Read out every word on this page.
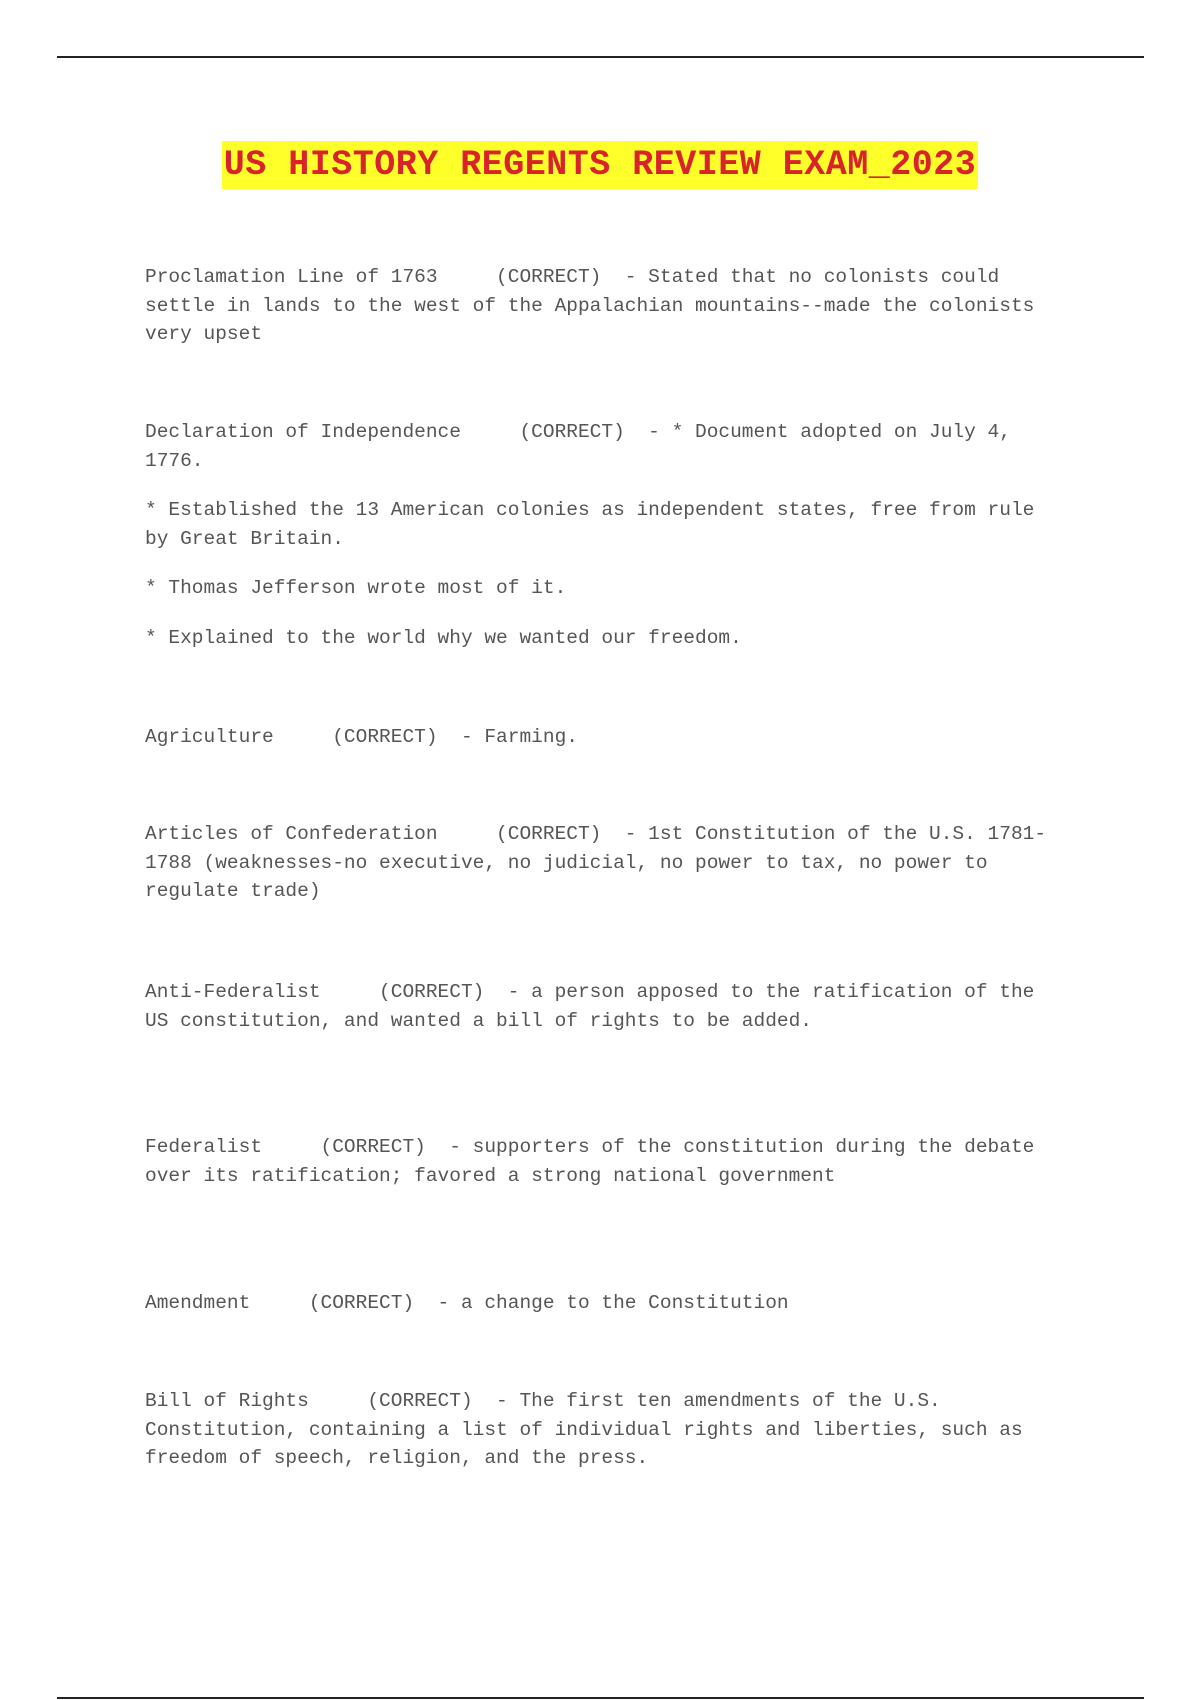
US HISTORY REGENTS REVIEW EXAM_2023

Proclamation Line of 1763     (CORRECT)  - Stated that no colonists could settle in lands to the west of the Appalachian mountains--made the colonists very upset

Declaration of Independence     (CORRECT)  - * Document adopted on July 4, 1776.

* Established the 13 American colonies as independent states, free from rule by Great Britain.

* Thomas Jefferson wrote most of it.

* Explained to the world why we wanted our freedom.

Agriculture     (CORRECT)  - Farming.

Articles of Confederation     (CORRECT)  - 1st Constitution of the U.S. 1781-1788 (weaknesses-no executive, no judicial, no power to tax, no power to regulate trade)

Anti-Federalist     (CORRECT)  - a person apposed to the ratification of the US constitution, and wanted a bill of rights to be added.

Federalist     (CORRECT)  - supporters of the constitution during the debate over its ratification; favored a strong national government

Amendment     (CORRECT)  - a change to the Constitution

Bill of Rights     (CORRECT)  - The first ten amendments of the U.S. Constitution, containing a list of individual rights and liberties, such as freedom of speech, religion, and the press.
